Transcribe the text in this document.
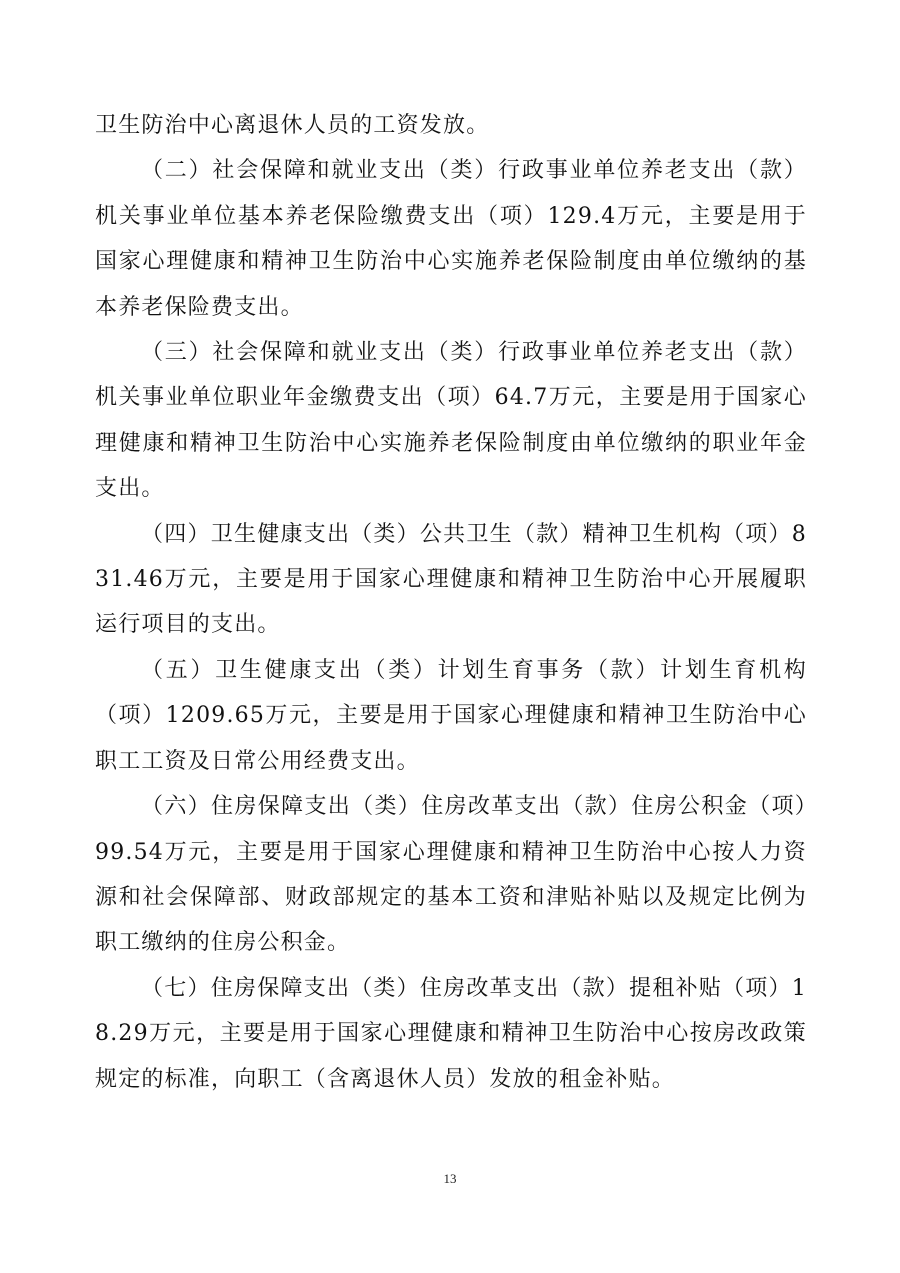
卫生防治中心离退休人员的工资发放。

（二）社会保障和就业支出（类）行政事业单位养老支出（款）机关事业单位基本养老保险缴费支出（项）129.4万元，主要是用于国家心理健康和精神卫生防治中心实施养老保险制度由单位缴纳的基本养老保险费支出。

（三）社会保障和就业支出（类）行政事业单位养老支出（款）机关事业单位职业年金缴费支出（项）64.7万元，主要是用于国家心理健康和精神卫生防治中心实施养老保险制度由单位缴纳的职业年金支出。

（四）卫生健康支出（类）公共卫生（款）精神卫生机构（项）831.46万元，主要是用于国家心理健康和精神卫生防治中心开展履职运行项目的支出。

（五）卫生健康支出（类）计划生育事务（款）计划生育机构（项）1209.65万元，主要是用于国家心理健康和精神卫生防治中心职工工资及日常公用经费支出。

（六）住房保障支出（类）住房改革支出（款）住房公积金（项）99.54万元，主要是用于国家心理健康和精神卫生防治中心按人力资源和社会保障部、财政部规定的基本工资和津贴补贴以及规定比例为职工缴纳的住房公积金。

（七）住房保障支出（类）住房改革支出（款）提租补贴（项）18.29万元，主要是用于国家心理健康和精神卫生防治中心按房改政策规定的标准，向职工（含离退休人员）发放的租金补贴。

13
